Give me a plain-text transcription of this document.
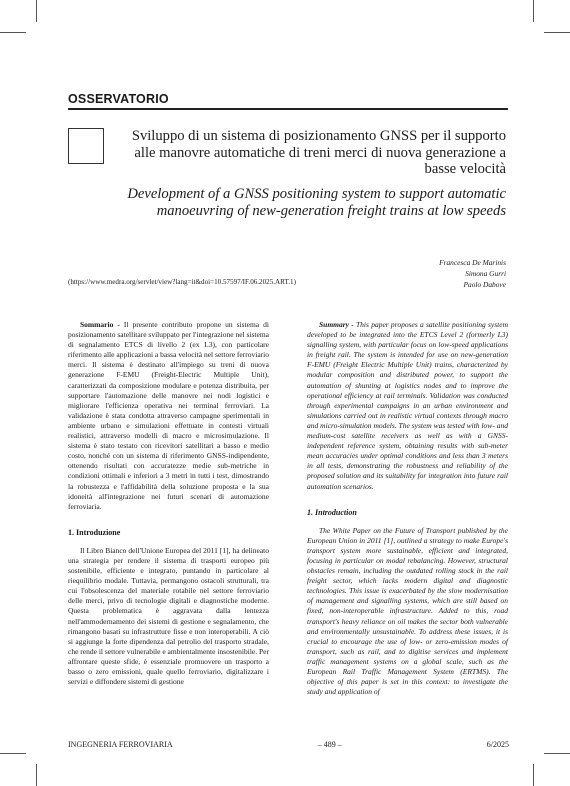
OSSERVATORIO
Sviluppo di un sistema di posizionamento GNSS per il supporto alle manovre automatiche di treni merci di nuova generazione a basse velocità
Development of a GNSS positioning system to support automatic manoeuvring of new-generation freight trains at low speeds
Francesca De Marinis
Simona Gurri
Paolo Dabove
(https://www.medra.org/servlet/view?lang=it&doi=10.57597/IF.06.2025.ART.1)

Sommario - Il presente contributo propone un sistema di posizionamento satellitare sviluppato per l'integrazione nel sistema di segnalamento ETCS di livello 2 (ex L3), con particolare riferimento alle applicazioni a bassa velocità nel settore ferroviario merci. Il sistema è destinato all'impiego su treni di nuova generazione F-EMU (Freight-Electric Multiple Unit), caratterizzati da composizione modulare e potenza distribuita, per supportare l'automazione delle manovre nei nodi logistici e migliorare l'efficienza operativa nei terminal ferroviari. La validazione è stata condotta attraverso campagne sperimentali in ambiente urbano e simulazioni effettuate in contesti virtuali realistici, attraverso modelli di macro e microsimulazione. Il sistema è stato testato con ricevitori satellitari a basso e medio costo, nonché con un sistema di riferimento GNSS-indipendente, ottenendo risultati con accuratezze medie sub-metriche in condizioni ottimali e inferiori a 3 metri in tutti i test, dimostrando la robustezza e l'affidabilità della soluzione proposta e la sua idoneità all'integrazione nei futuri scenari di automazione ferroviaria.

1. Introduzione

Il Libro Bianco dell'Unione Europea del 2011 [1], ha delineato una strategia per rendere il sistema di trasporti europeo più sostenibile, efficiente e integrato, puntando in particolare al riequilibrio modale. Tuttavia, permangono ostacoli strutturali, tra cui l'obsolescenza del materiale rotabile nel settore ferroviario delle merci, privo di tecnologie digitali e diagnostiche moderne. Questa problematica è aggravata dalla lentezza nell'ammodernamento dei sistemi di gestione e segnalamento, che rimangono basati su infrastrutture fisse e non interoperabili. A ciò si aggiunge la forte dipendenza dal petrolio del trasporto stradale, che rende il settore vulnerabile e ambientalmente insostenibile. Per affrontare queste sfide, è essenziale promuovere un trasporto a basso o zero emissioni, quale quello ferroviario, digitalizzare i servizi e diffondere sistemi di gestione

Summary - This paper proposes a satellite positioning system developed to be integrated into the ETCS Level 2 (formerly L3) signalling system, with particular focus on low-speed applications in freight rail. The system is intended for use on new-generation F-EMU (Freight Electric Multiple Unit) trains, characterized by modular composition and distributed power, to support the automation of shunting at logistics nodes and to improve the operational efficiency at rail terminals. Validation was conducted through experimental campaigns in an urban environment and simulations carried out in realistic virtual contexts through macro and micro-simulation models. The system was tested with low- and medium-cost satellite receivers as well as with a GNSS-independent reference system, obtaining results with sub-meter mean accuracies under optimal conditions and less than 3 meters in all tests, demonstrating the robustness and reliability of the proposed solution and its suitability for integration into future rail automation scenarios.

1. Introduction

The White Paper on the Future of Transport published by the European Union in 2011 [1], outlined a strategy to make Europe's transport system more sustainable, efficient and integrated, focusing in particular on modal rebalancing. However, structural obstacles remain, including the outdated rolling stock in the rail freight sector, which lacks modern digital and diagnostic technologies. This issue is exacerbated by the slow modernisation of management and signalling systems, which are still based on fixed, non-interoperable infrastructure. Added to this, road transport's heavy reliance on oil makes the sector both vulnerable and environmentally unsustainable. To address these issues, it is crucial to encourage the use of low- or zero-emission modes of transport, such as rail, and to digitise services and implement traffic management systems on a global scale, such as the European Rail Traffic Management System (ERTMS). The objective of this paper is set in this context: to investigate the study and application of

INGEGNERIA FERROVIARIA	– 489 –	6/2025
